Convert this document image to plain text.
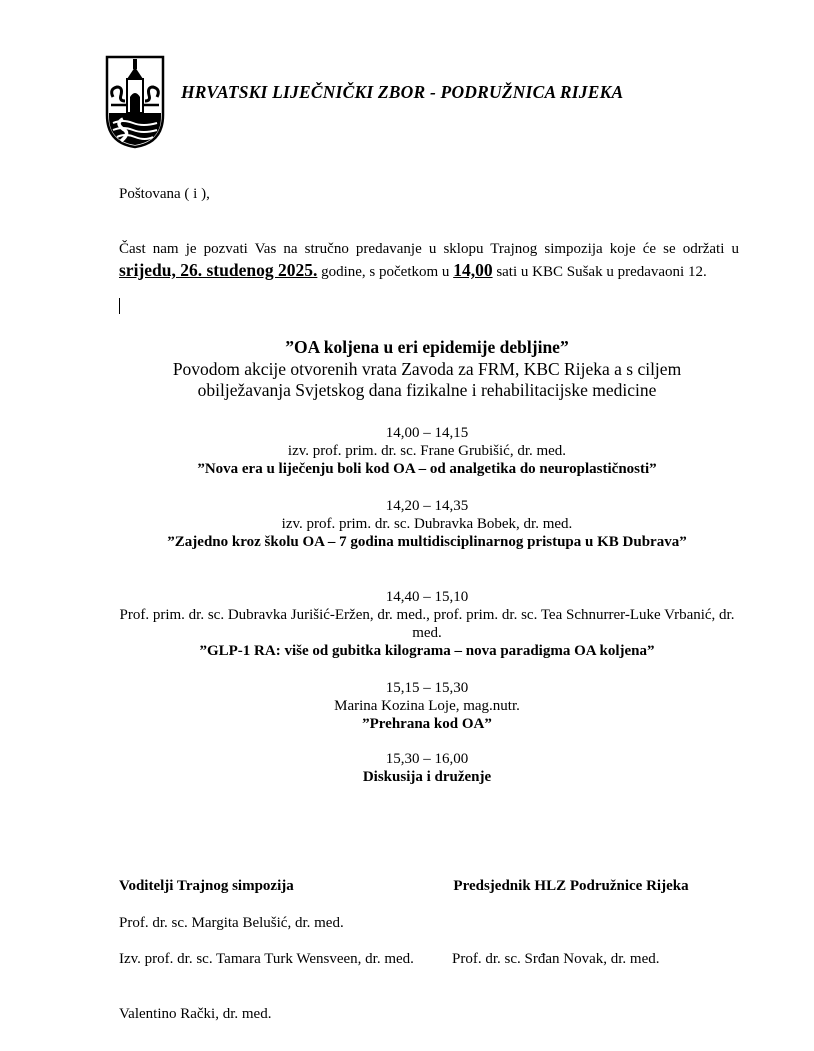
HRVATSKI LIJEČNIČKI ZBOR - PODRUŽNICA RIJEKA
Poštovana ( i ),
Čast nam je pozvati Vas na stručno predavanje u sklopu Trajnog simpozija koje će se održati u srijedu, 26. studenog 2025. godine, s početkom u 14,00 sati u KBC Sušak u predavaoni 12.
”OA koljena u eri epidemije debljine”
Povodom akcije otvorenih vrata Zavoda za FRM, KBC Rijeka a s ciljem
obilježavanja Svjetskog dana fizikalne i rehabilitacijske medicine
14,00 – 14,15
izv. prof. prim. dr. sc. Frane Grubišić, dr. med.
”Nova era u liječenju boli kod OA – od analgetika do neuroplastičnosti”
14,20 – 14,35
izv. prof. prim. dr. sc. Dubravka Bobek, dr. med.
”Zajedno kroz školu OA – 7 godina multidisciplinarnog pristupa u KB Dubrava”
14,40 – 15,10
Prof. prim. dr. sc. Dubravka Jurišić-Eržen, dr. med., prof. prim. dr. sc. Tea Schnurrer-Luke Vrbanić, dr. med.
”GLP-1 RA: više od gubitka kilograma – nova paradigma OA koljena”
15,15 – 15,30
Marina Kozina Loje, mag.nutr.
”Prehrana kod OA”
15,30 – 16,00
Diskusija i druženje
Voditelji Trajnog simpozija
Prof. dr. sc. Margita Belušić, dr. med.
Izv. prof. dr. sc. Tamara Turk Wensveen, dr. med.
Valentino Rački, dr. med.
Predsjednik HLZ Podružnice Rijeka
Prof. dr. sc. Srđan Novak, dr. med.
